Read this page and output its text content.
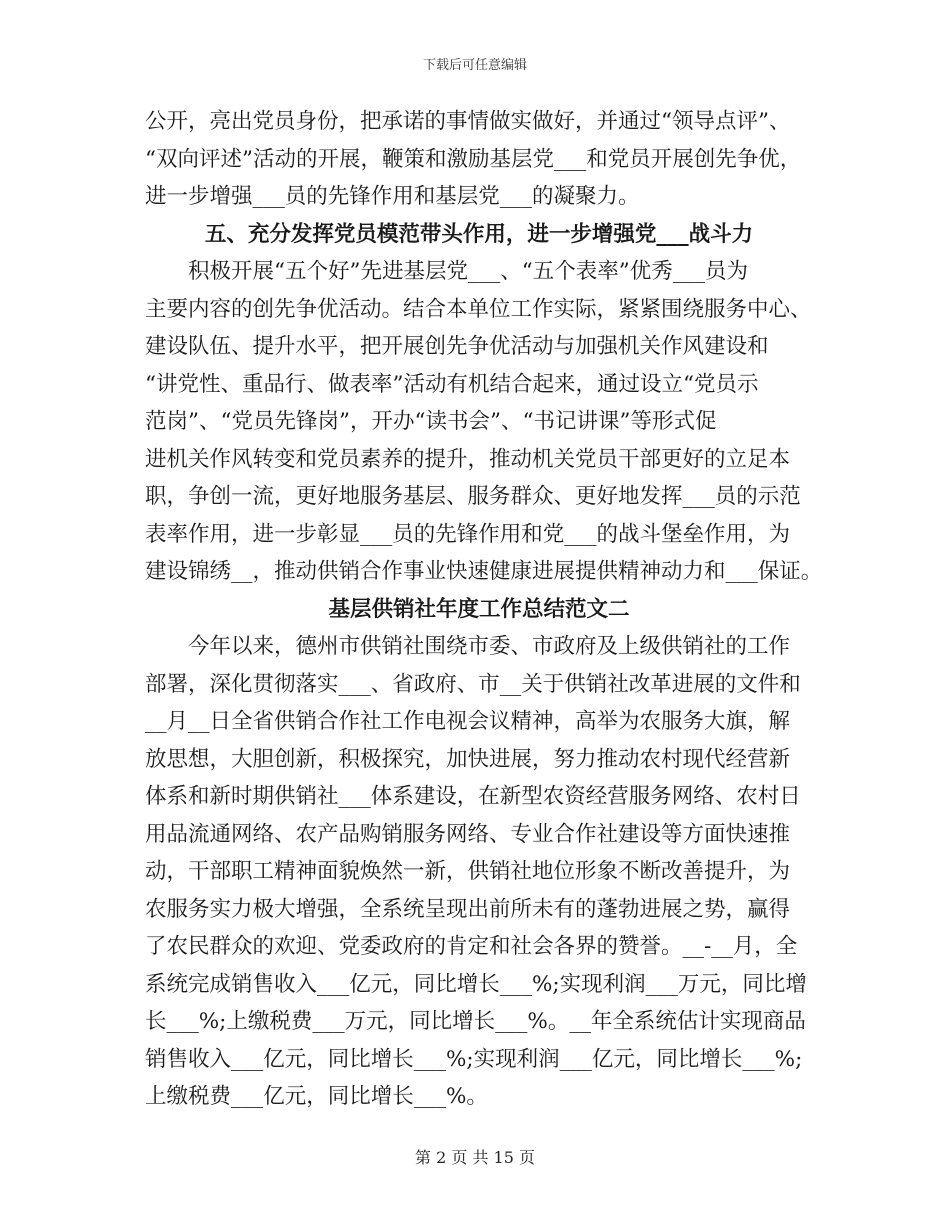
下载后可任意编辑
公开，亮出党员身份，把承诺的事情做实做好，并通过“领导点评”、
“双向评述”活动的开展，鞭策和激励基层党___和党员开展创先争优，
进一步增强___员的先锋作用和基层党___的凝聚力。
五、充分发挥党员模范带头作用，进一步增强党___战斗力
积极开展“五个好”先进基层党___、“五个表率”优秀___员为
主要内容的创先争优活动。结合本单位工作实际，紧紧围绕服务中心、
建设队伍、提升水平，把开展创先争优活动与加强机关作风建设和
“讲党性、重品行、做表率”活动有机结合起来，通过设立“党员示
范岗”、“党员先锋岗”，开办“读书会”、“书记讲课”等形式促
进机关作风转变和党员素养的提升，推动机关党员干部更好的立足本
职，争创一流，更好地服务基层、服务群众、更好地发挥___员的示范
表率作用，进一步彰显___员的先锋作用和党___的战斗堡垒作用，为
建设锦绣__，推动供销合作事业快速健康进展提供精神动力和___保证。
基层供销社年度工作总结范文二
今年以来，德州市供销社围绕市委、市政府及上级供销社的工作
部署，深化贯彻落实___、省政府、市__关于供销社改革进展的文件和
__月__日全省供销合作社工作电视会议精神，高举为农服务大旗，解
放思想，大胆创新，积极探究，加快进展，努力推动农村现代经营新
体系和新时期供销社___体系建设，在新型农资经营服务网络、农村日
用品流通网络、农产品购销服务网络、专业合作社建设等方面快速推
动，干部职工精神面貌焕然一新，供销社地位形象不断改善提升，为
农服务实力极大增强，全系统呈现出前所未有的蓬勃进展之势，赢得
了农民群众的欢迎、党委政府的肯定和社会各界的赞誉。__-__月，全
系统完成销售收入___亿元，同比增长___%;实现利润___万元，同比增
长___%;上缴税费___万元，同比增长___%。__年全系统估计实现商品
销售收入___亿元，同比增长___%;实现利润___亿元，同比增长___%;
上缴税费___亿元，同比增长___%。
第 2 页 共 15 页
